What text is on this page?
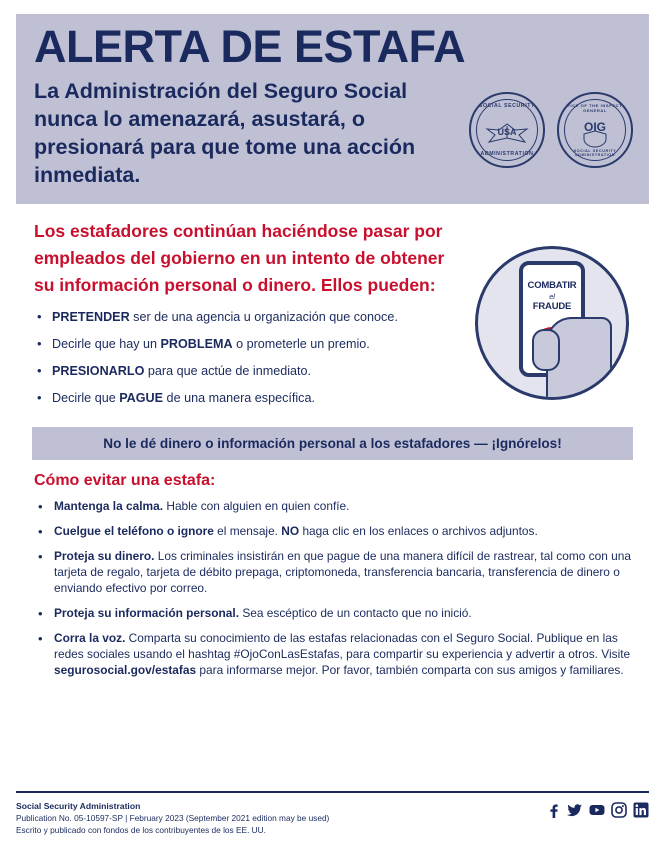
ALERTA DE ESTAFA

La Administración del Seguro Social nunca lo amenazará, asustará, o presionará para que tome una acción inmediata.

SOCIAL SECURITY
USA
ADMINISTRATION
OFFICE OF THE INSPECTOR GENERAL
OIG
SOCIAL SECURITY ADMINISTRATION

Los estafadores continúan haciéndose pasar por empleados del gobierno en un intento de obtener su información personal o dinero. Ellos pueden:

• PRETENDER ser de una agencia u organización que conoce.
• Decirle que hay un PROBLEMA o prometerle un premio.
• PRESIONARLO para que actúe de inmediato.
• Decirle que PAGUE de una manera específica.
COMBATIR
el
FRAUDE
No le dé dinero o información personal a los estafadores — ¡Ignórelos!

Cómo evitar una estafa:

• Mantenga la calma. Hable con alguien en quien confíe.
• Cuelgue el teléfono o ignore el mensaje. NO haga clic en los enlaces o archivos adjuntos.
• Proteja su dinero. Los criminales insistirán en que pague de una manera difícil de rastrear, tal como con una tarjeta de regalo, tarjeta de débito prepaga, criptomoneda, transferencia bancaria, transferencia de dinero o enviando efectivo por correo.
• Proteja su información personal. Sea escéptico de un contacto que no inició.
• Corra la voz. Comparta su conocimiento de las estafas relacionadas con el Seguro Social. Publique en las redes sociales usando el hashtag #OjoConLasEstafas, para compartir su experiencia y advertir a otros. Visite segurosocial.gov/estafas para informarse mejor. Por favor, también comparta con sus amigos y familiares.
Social Security Administration
Publication No. 05-10597-SP | February 2023 (September 2021 edition may be used)
Escrito y publicado con fondos de los contribuyentes de los EE. UU.
